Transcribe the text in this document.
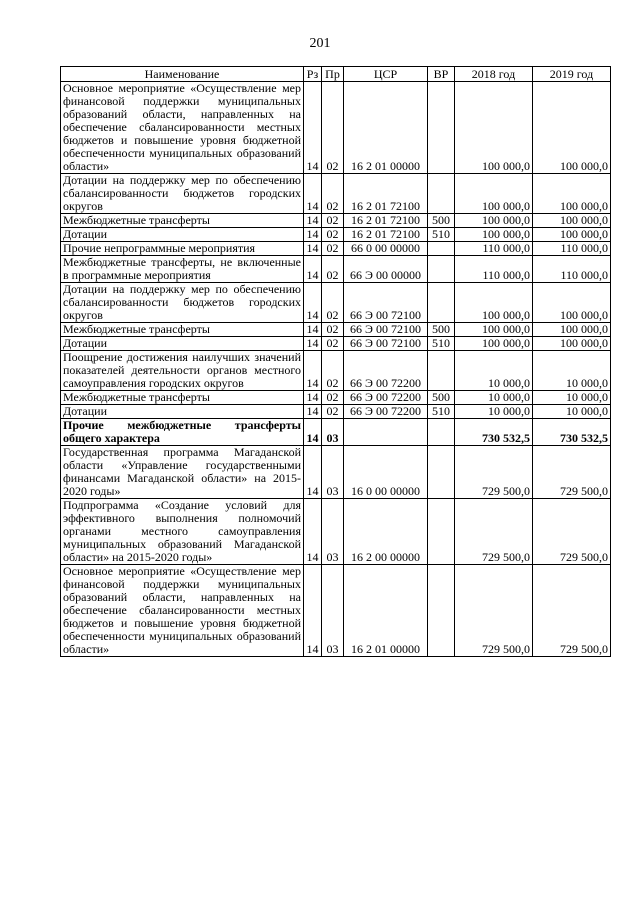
201
Наименование	Рз	Пр	ЦСР	ВР	2018 год	2019 год
Основное мероприятие «Осуществление мер финансовой поддержки муниципальных образований области, направленных на обеспечение сбалансированности местных бюджетов и повышение уровня бюджетной обеспеченности муниципальных образований области»	14	02	16 2 01 00000		100 000,0	100 000,0
Дотации на поддержку мер по обеспечению сбалансированности бюджетов городских округов	14	02	16 2 01 72100		100 000,0	100 000,0
Межбюджетные трансферты	14	02	16 2 01 72100	500	100 000,0	100 000,0
Дотации	14	02	16 2 01 72100	510	100 000,0	100 000,0
Прочие непрограммные мероприятия	14	02	66 0 00 00000		110 000,0	110 000,0
Межбюджетные трансферты, не включенные в программные мероприятия	14	02	66 Э 00 00000		110 000,0	110 000,0
Дотации на поддержку мер по обеспечению сбалансированности бюджетов городских округов	14	02	66 Э 00 72100		100 000,0	100 000,0
Межбюджетные трансферты	14	02	66 Э 00 72100	500	100 000,0	100 000,0
Дотации	14	02	66 Э 00 72100	510	100 000,0	100 000,0
Поощрение достижения наилучших значений показателей деятельности органов местного самоуправления городских округов	14	02	66 Э 00 72200		10 000,0	10 000,0
Межбюджетные трансферты	14	02	66 Э 00 72200	500	10 000,0	10 000,0
Дотации	14	02	66 Э 00 72200	510	10 000,0	10 000,0
Прочие межбюджетные трансферты общего характера	14	03			730 532,5	730 532,5
Государственная программа Магаданской области «Управление государственными финансами Магаданской области» на 2015-2020 годы»	14	03	16 0 00 00000		729 500,0	729 500,0
Подпрограмма «Создание условий для эффективного выполнения полномочий органами местного самоуправления муниципальных образований Магаданской области» на 2015-2020 годы»	14	03	16 2 00 00000		729 500,0	729 500,0
Основное мероприятие «Осуществление мер финансовой поддержки муниципальных образований области, направленных на обеспечение сбалансированности местных бюджетов и повышение уровня бюджетной обеспеченности муниципальных образований области»	14	03	16 2 01 00000		729 500,0	729 500,0
